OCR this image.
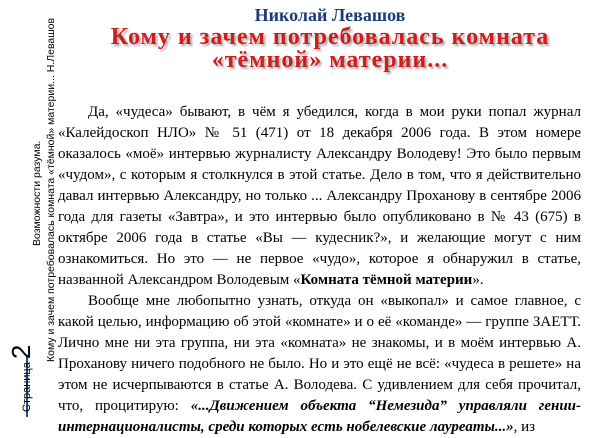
Страница
2
Возможности разума. Кому и зачем потребовалась комната «тёмной» материи... Н.Левашов
Николай Левашов
Кому и зачем потребовалась комната
«тёмной» материи...

Да, «чудеса» бывают, в чём я убедился, когда в мои руки попал журнал «Калейдоскоп НЛО» № 51 (471) от 18 декабря 2006 года. В этом номере оказалось «моё» интервью журналисту Александру Володеву! Это было первым «чудом», с которым я столкнулся в этой статье. Дело в том, что я действительно давал интервью Александру, но только ... Александру Проханову в сентябре 2006 года для газеты «Завтра», и это интервью было опубликовано в № 43 (675) в октябре 2006 года в статье «Вы — кудесник?», и желающие могут с ним ознакомиться. Но это — не первое «чудо», которое я обнаружил в статье, названной Александром Володевым «Комната тёмной материи».

Вообще мне любопытно узнать, откуда он «выкопал» и самое главное, с какой целью, информацию об этой «комнате» и о её «команде» — группе ЗАЕТТ. Лично мне ни эта группа, ни эта «комната» не знакомы, и в моём интервью А. Проханову ничего подобного не было. Но и это ещё не всё: «чудеса в решете» на этом не исчерпываются в статье А. Володева. С удивлением для себя прочитал, что, процитирую: «...Движением объекта “Немезида” управляли гении-интернационалисты, среди которых есть нобелевские лауреаты...», из
